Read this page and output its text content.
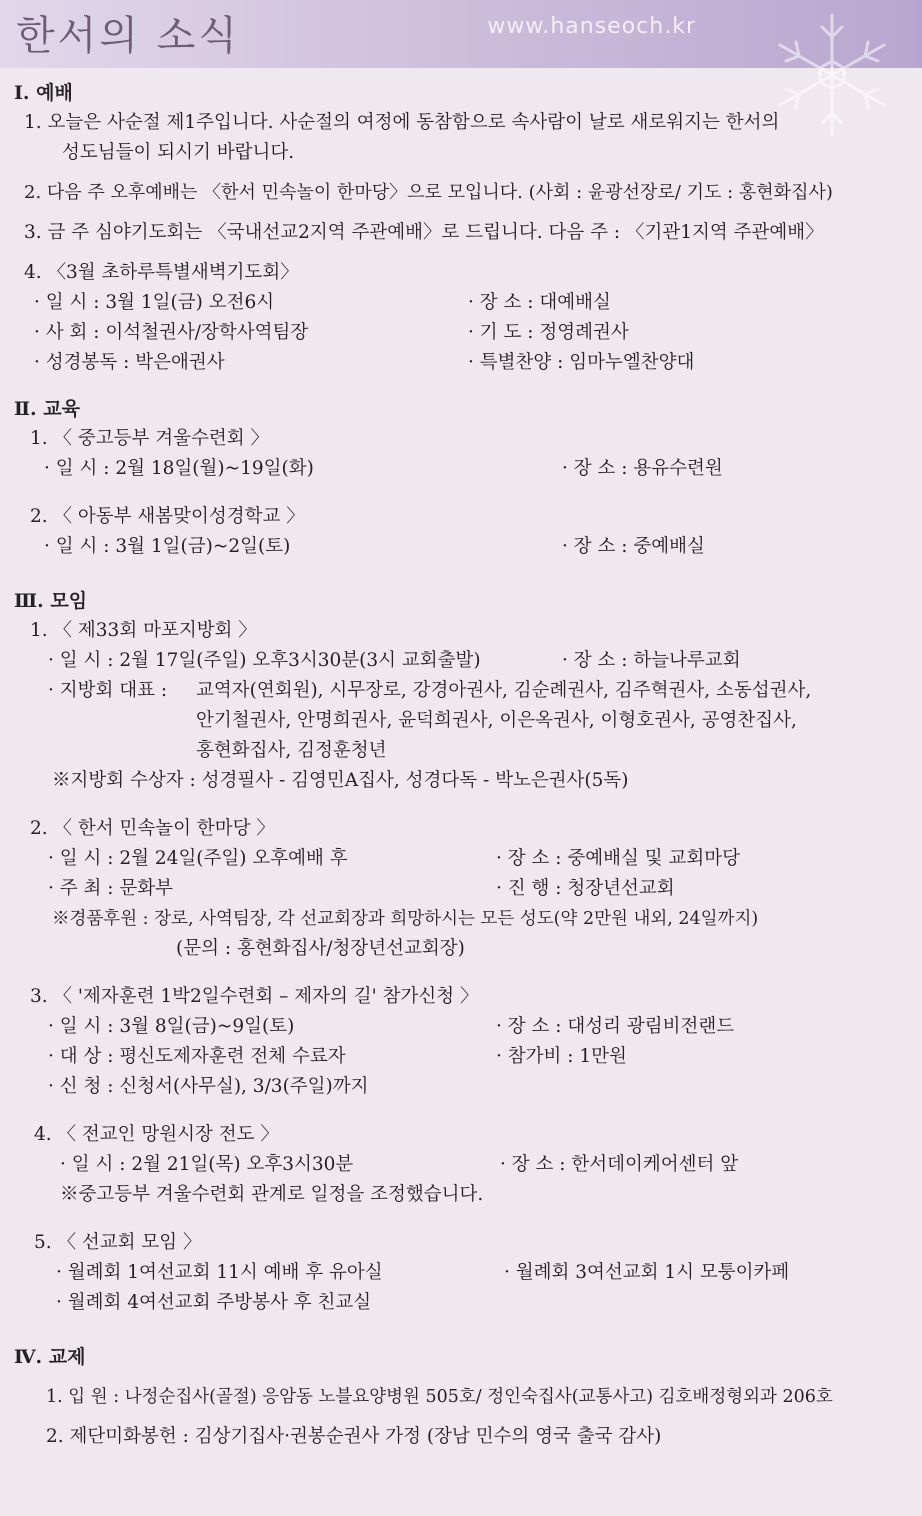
한서의 소식	www.hanseoch.kr
Ⅰ. 예배
1. 오늘은 사순절 제1주입니다. 사순절의 여정에 동참함으로 속사람이 날로 새로워지는 한서의
성도님들이 되시기 바랍니다.
2. 다음 주 오후예배는 〈한서 민속놀이 한마당〉으로 모입니다. (사회 : 윤광선장로/ 기도 : 홍현화집사)
3. 금 주 심야기도회는 〈국내선교2지역 주관예배〉로 드립니다. 다음 주 : 〈기관1지역 주관예배〉
4. 〈3월 초하루특별새벽기도회〉
· 일 시 : 3월 1일(금) 오전6시	· 장 소 : 대예배실
· 사 회 : 이석철권사/장학사역팀장	· 기 도 : 정영례권사
· 성경봉독 : 박은애권사	· 특별찬양 : 임마누엘찬양대
Ⅱ. 교육
1. 〈 중고등부 겨울수련회 〉
· 일 시 : 2월 18일(월)~19일(화)	· 장 소 : 용유수련원
2. 〈 아동부 새봄맞이성경학교 〉
· 일 시 : 3월 1일(금)~2일(토)	· 장 소 : 중예배실
Ⅲ. 모임
1. 〈 제33회 마포지방회 〉
· 일 시 : 2월 17일(주일) 오후3시30분(3시 교회출발)	· 장 소 : 하늘나루교회
· 지방회 대표 : 교역자(연회원), 시무장로, 강경아권사, 김순례권사, 김주혁권사, 소동섭권사,
안기철권사, 안명희권사, 윤덕희권사, 이은옥권사, 이형호권사, 공영찬집사,
홍현화집사, 김정훈청년
※지방회 수상자 : 성경필사 - 김영민A집사, 성경다독 - 박노은권사(5독)
2. 〈 한서 민속놀이 한마당 〉
· 일 시 : 2월 24일(주일) 오후예배 후	· 장 소 : 중예배실 및 교회마당
· 주 최 : 문화부	· 진 행 : 청장년선교회
※경품후원 : 장로, 사역팀장, 각 선교회장과 희망하시는 모든 성도(약 2만원 내외, 24일까지)
(문의 : 홍현화집사/청장년선교회장)
3. 〈 '제자훈련 1박2일수련회 – 제자의 길' 참가신청 〉
· 일 시 : 3월 8일(금)~9일(토)	· 장 소 : 대성리 광림비전랜드
· 대 상 : 평신도제자훈련 전체 수료자	· 참가비 : 1만원
· 신 청 : 신청서(사무실), 3/3(주일)까지
4. 〈 전교인 망원시장 전도 〉
· 일 시 : 2월 21일(목) 오후3시30분	· 장 소 : 한서데이케어센터 앞
※중고등부 겨울수련회 관계로 일정을 조정했습니다.
5. 〈 선교회 모임 〉
· 월례회 1여선교회 11시 예배 후 유아실	· 월례회 3여선교회 1시 모퉁이카페
· 월례회 4여선교회 주방봉사 후 친교실
Ⅳ. 교제
1. 입 원 : 나정순집사(골절) 응암동 노블요양병원 505호/ 정인숙집사(교통사고) 김호배정형외과 206호
2. 제단미화봉헌 : 김상기집사·권봉순권사 가정 (장남 민수의 영국 출국 감사)
